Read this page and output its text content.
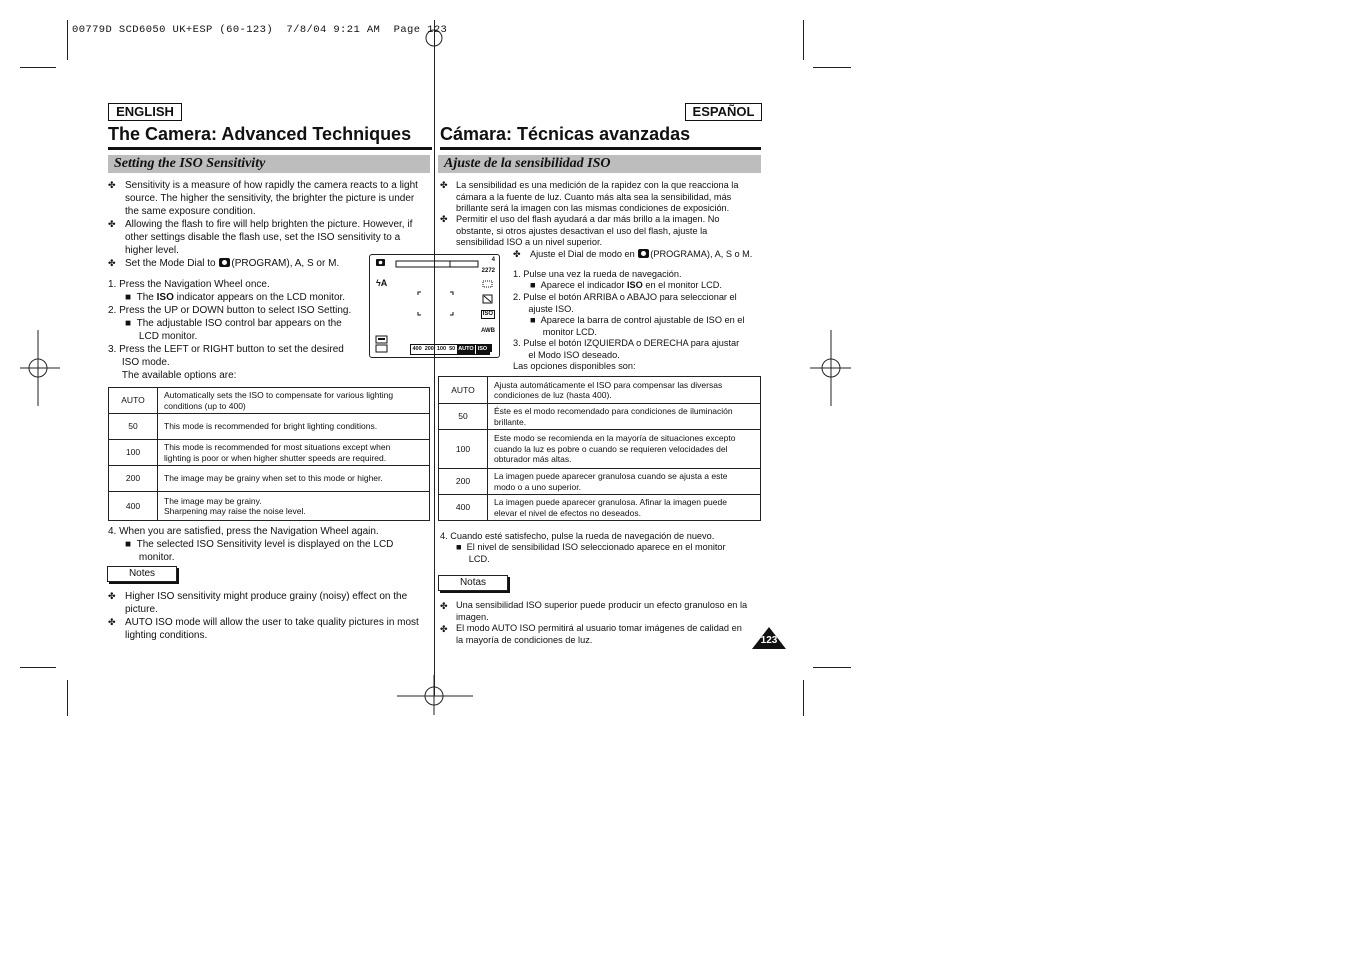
00779D SCD6050 UK+ESP (60-123)  7/8/04 9:21 AM  Page 123
ENGLISH
The Camera: Advanced Techniques
Setting the ISO Sensitivity
✤ Sensitivity is a measure of how rapidly the camera reacts to a light
source. The higher the sensitivity, the brighter the picture is under
the same exposure condition.
✤ Allowing the flash to fire will help brighten the picture. However, if
other settings disable the flash use, set the ISO sensitivity to a
higher level.
✤ Set the Mode Dial to (PROGRAM), A, S or M.
1. Press the Navigation Wheel once.
■  The ISO indicator appears on the LCD monitor.
2. Press the UP or DOWN button to select ISO Setting.
■  The adjustable ISO control bar appears on the
LCD monitor.
3. Press the LEFT or RIGHT button to set the desired
ISO mode.
The available options are:
AUTO	Automatically sets the ISO to compensate for various lighting
conditions (up to 400)
50	This mode is recommended for bright lighting conditions.
100	This mode is recommended for most situations except when
lighting is poor or when higher shutter speeds are required.
200	The image may be grainy when set to this mode or higher.
400	The image may be grainy.
Sharpening may raise the noise level.
4. When you are satisfied, press the Navigation Wheel again.
■  The selected ISO Sensitivity level is displayed on the LCD
monitor.
Notes
✤ Higher ISO sensitivity might produce grainy (noisy) effect on the
picture.
✤ AUTO ISO mode will allow the user to take quality pictures in most
lighting conditions.
4
2272
ϟA
ISO
AWB
400 200 100 50 AUTO ISO
ESPAÑOL
Cámara: Técnicas avanzadas
Ajuste de la sensibilidad ISO
✤ La sensibilidad es una medición de la rapidez con la que reacciona la
cámara a la fuente de luz. Cuanto más alta sea la sensibilidad, más
brillante será la imagen con las mismas condiciones de exposición.
✤ Permitir el uso del flash ayudará a dar más brillo a la imagen. No
obstante, si otros ajustes desactivan el uso del flash, ajuste la
sensibilidad ISO a un nivel superior.
✤ Ajuste el Dial de modo en (PROGRAMA), A, S o M.
1. Pulse una vez la rueda de navegación.
■  Aparece el indicador ISO en el monitor LCD.
2. Pulse el botón ARRIBA o ABAJO para seleccionar el
ajuste ISO.
■  Aparece la barra de control ajustable de ISO en el
monitor LCD.
3. Pulse el botón IZQUIERDA o DERECHA para ajustar
el Modo ISO deseado.
Las opciones disponibles son:
AUTO	Ajusta automáticamente el ISO para compensar las diversas
condiciones de luz (hasta 400).
50	Éste es el modo recomendado para condiciones de iluminación
brillante.
100	Este modo se recomienda en la mayoría de situaciones excepto
cuando la luz es pobre o cuando se requieren velocidades del
obturador más altas.
200	La imagen puede aparecer granulosa cuando se ajusta a este
modo o a uno superior.
400	La imagen puede aparecer granulosa. Afinar la imagen puede
elevar el nivel de efectos no deseados.
4. Cuando esté satisfecho, pulse la rueda de navegación de nuevo.
■  El nivel de sensibilidad ISO seleccionado aparece en el monitor
LCD.
Notas
✤ Una sensibilidad ISO superior puede producir un efecto granuloso en la
imagen.
✤ El modo AUTO ISO permitirá al usuario tomar imágenes de calidad en
la mayoría de condiciones de luz.	123
